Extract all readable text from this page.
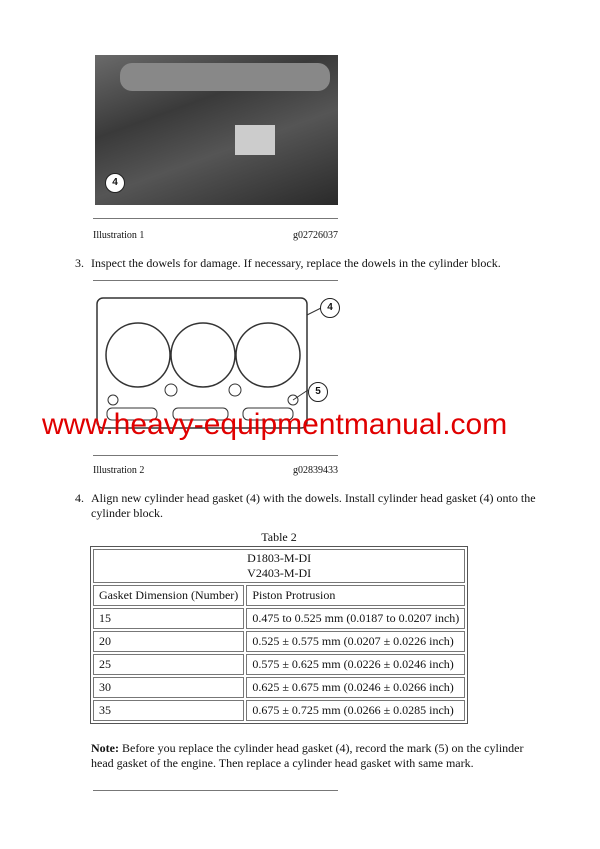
4
Illustration 1	g02726037
3. Inspect the dowels for damage. If necessary, replace the dowels in the cylinder block.
4
5
www.heavy-equipmentmanual.com
Illustration 2	g02839433
4. Align new cylinder head gasket (4) with the dowels. Install cylinder head gasket (4) onto the
cylinder block.
Table 2
D1803-M-DI
V2403-M-DI	
Gasket Dimension (Number)	Piston Protrusion
15	0.475 to 0.525 mm (0.0187 to 0.0207 inch)
20	0.525 ± 0.575 mm (0.0207 ± 0.0226 inch)
25	0.575 ± 0.625 mm (0.0226 ± 0.0246 inch)
30	0.625 ± 0.675 mm (0.0246 ± 0.0266 inch)
35	0.675 ± 0.725 mm (0.0266 ± 0.0285 inch)
Note: Before you replace the cylinder head gasket (4), record the mark (5) on the cylinder
head gasket of the engine. Then replace a cylinder head gasket with same mark.
